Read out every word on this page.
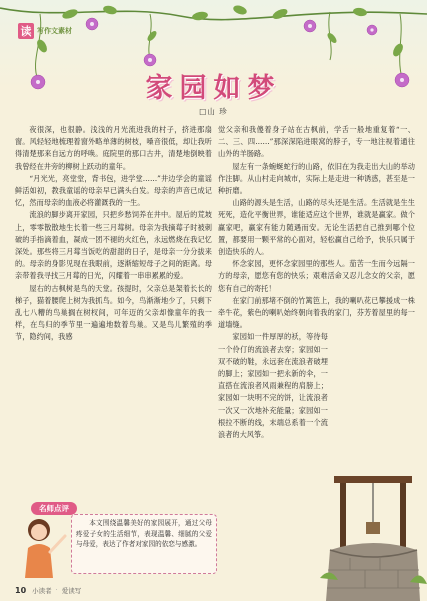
读 写作文素材
家园如梦
□山 珍

夜很深，也很静。浅浅的月光流进我的村子，挤进那扇窗。风轻轻地梳理着窗外略单薄的树枝，嗓音很低，却让我听得清楚那来自远方的呼唤。庭院里的那口古井，清楚地倒映着我曾经在井旁的柳树上跃动的童年。

“月光光，亮堂堂，背书包，进学堂……”井边学会的童谣鲜活如初，教我童谣的母亲早已满头白发。母亲的声音已成记忆，然而母亲的血液必将灌溉我的一生。

流浪的脚步离开家园，只把乡愁饲养在井中。屋后的荒坡上，零零散散地生长着一些三月莓树。母亲为我摘莓子时被刺破的手指滴着血，凝成一团不褪的火红色，永远燃烧在我记忆深处。那些将三月莓当饭吃的甜甜的日子，是母亲一分分拔来的。母亲的身影见现在我眼前，逐渐缩短母子之间的距离。母亲带着我寻找三月莓的日光，闪耀着一串串累累的爱。

屋右的古枫树是鸟的天堂。孩提时，父亲总是架着长长的梯子，猫着腰爬上树为我抓鸟。如今，鸟渐渐地少了，只剩下乱七八糟的鸟巢搁在树杈间，可年迈的父亲却像童年的我一样，在鸟归的季节里一遍遍地数着鸟巢。又是鸟儿繁殖的季节，隐约间，我感

觉父亲和我傻着身子站在古枫前，学舌一般地重复着“一、二、三、四……”那深深陷进眼窝的脖子，专一地注视着通往山外的羊肠路。

屋左有一条蜿蜒蛇行的山路，依旧在为我走出大山的举动作注脚。从山村走向城市，实际上是走进一种诱惑，甚至是一种折磨。

山路的源头是生活，山路的尽头还是生活。生活就是生生死死，造化平衡世界，谁能适应这个世界，谁就是赢家。做个赢家吧，赢家有能力随遇而安。无论生活把自己推到哪个位置，都要用一颗平常的心面对，轻松赢自己给予，快乐只属于创造快乐的人。

怀念家园，更怀念家园里的那些人。茄苦一生而今远隔一方的母亲，愿您有您的快乐；艰难活命又忍儿念女的父亲，愿您有自己的寄托！

在家门前那堵不倒的竹篱笆上，我的喇叭花已攀援成一株牵牛花，紫色的喇叭始终朝向着我的家门，芬芳着屋里的每一道墙缝。

家园如一件厚厚的袄，等待每一个伶仃的流浪者去穿；家园如一双不破的鞋，永远套在流浪者破埋的脚上；家园如一把永新的伞，一直搭在流浪者风雨兼程的肩膀上；家园如一块明不完的饼，让流浪者一次又一次地补充能量；家园如一根拉不断的线，末端总系着一个流浪者的大风筝。

名师点评
本文围绕温馨美好的家园展开，通过父母疼爱子女的生活细节，表现温馨、细腻的父爱与母爱，表达了作者对家园的依恋与感激。
10 小读者 · 爱读写
